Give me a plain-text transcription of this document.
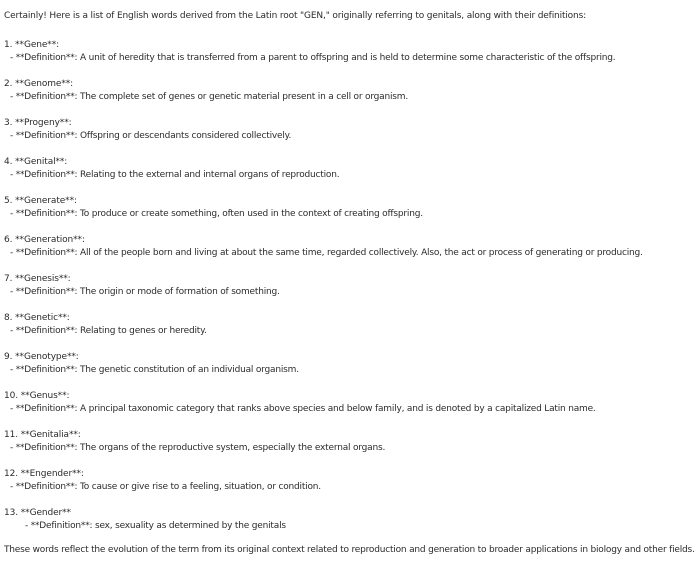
Certainly! Here is a list of English words derived from the Latin root "GEN," originally referring to genitals, along with their definitions:
1. **Gene**:
- **Definition**: A unit of heredity that is transferred from a parent to offspring and is held to determine some characteristic of the offspring.
2. **Genome**:
- **Definition**: The complete set of genes or genetic material present in a cell or organism.
3. **Progeny**:
- **Definition**: Offspring or descendants considered collectively.
4. **Genital**:
- **Definition**: Relating to the external and internal organs of reproduction.
5. **Generate**:
- **Definition**: To produce or create something, often used in the context of creating offspring.
6. **Generation**:
- **Definition**: All of the people born and living at about the same time, regarded collectively. Also, the act or process of generating or producing.
7. **Genesis**:
- **Definition**: The origin or mode of formation of something.
8. **Genetic**:
- **Definition**: Relating to genes or heredity.
9. **Genotype**:
- **Definition**: The genetic constitution of an individual organism.
10. **Genus**:
- **Definition**: A principal taxonomic category that ranks above species and below family, and is denoted by a capitalized Latin name.
11. **Genitalia**:
- **Definition**: The organs of the reproductive system, especially the external organs.
12. **Engender**:
- **Definition**: To cause or give rise to a feeling, situation, or condition.
13. **Gender**
- **Definition**: sex, sexuality as determined by the genitals
These words reflect the evolution of the term from its original context related to reproduction and generation to broader applications in biology and other fields.
